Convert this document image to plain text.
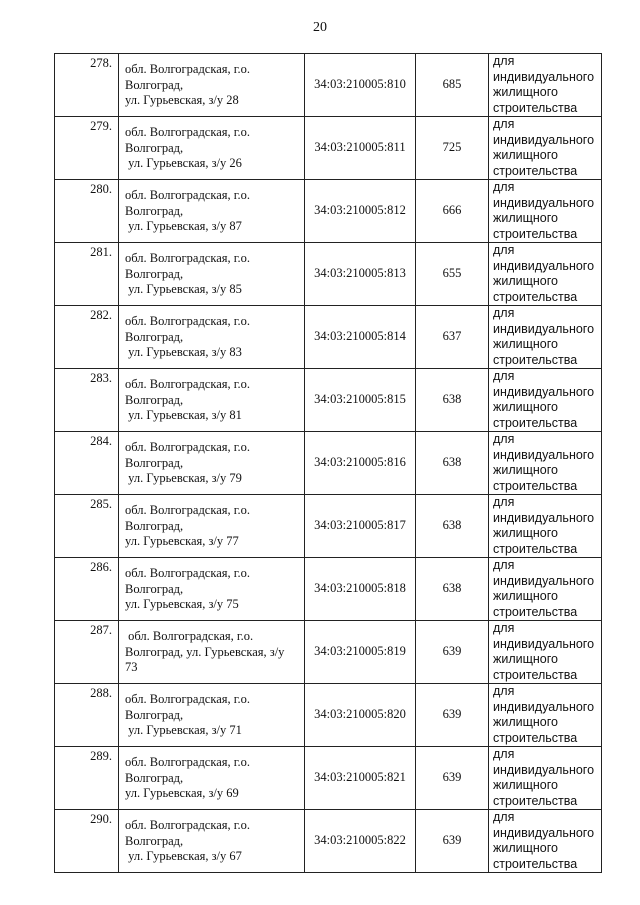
20
278.	обл. Волгоградская, г.о.
Волгоград,
ул. Гурьевская, з/у 28	34:03:210005:810	685	для
индивидуального
жилищного
строительства

279.	обл. Волгоградская, г.о.
Волгоград,
ул. Гурьевская, з/у 26	34:03:210005:811	725	для
индивидуального
жилищного
строительства

280.	обл. Волгоградская, г.о.
Волгоград,
ул. Гурьевская, з/у 87	34:03:210005:812	666	для
индивидуального
жилищного
строительства

281.	обл. Волгоградская, г.о.
Волгоград,
ул. Гурьевская, з/у 85	34:03:210005:813	655	для
индивидуального
жилищного
строительства

282.	обл. Волгоградская, г.о.
Волгоград,
ул. Гурьевская, з/у 83	34:03:210005:814	637	для
индивидуального
жилищного
строительства

283.	обл. Волгоградская, г.о.
Волгоград,
ул. Гурьевская, з/у 81	34:03:210005:815	638	для
индивидуального
жилищного
строительства

284.	обл. Волгоградская, г.о.
Волгоград,
ул. Гурьевская, з/у 79	34:03:210005:816	638	для
индивидуального
жилищного
строительства

285.	обл. Волгоградская, г.о.
Волгоград,
ул. Гурьевская, з/у 77	34:03:210005:817	638	для
индивидуального
жилищного
строительства

286.	обл. Волгоградская, г.о.
Волгоград,
ул. Гурьевская, з/у 75	34:03:210005:818	638	для
индивидуального
жилищного
строительства

287.	обл. Волгоградская, г.о.
Волгоград, ул. Гурьевская, з/у
73	34:03:210005:819	639	для
индивидуального
жилищного
строительства

288.	обл. Волгоградская, г.о.
Волгоград,
ул. Гурьевская, з/у 71	34:03:210005:820	639	для
индивидуального
жилищного
строительства

289.	обл. Волгоградская, г.о.
Волгоград,
ул. Гурьевская, з/у 69	34:03:210005:821	639	для
индивидуального
жилищного
строительства

290.	обл. Волгоградская, г.о.
Волгоград,
ул. Гурьевская, з/у 67	34:03:210005:822	639	для
индивидуального
жилищного
строительства
